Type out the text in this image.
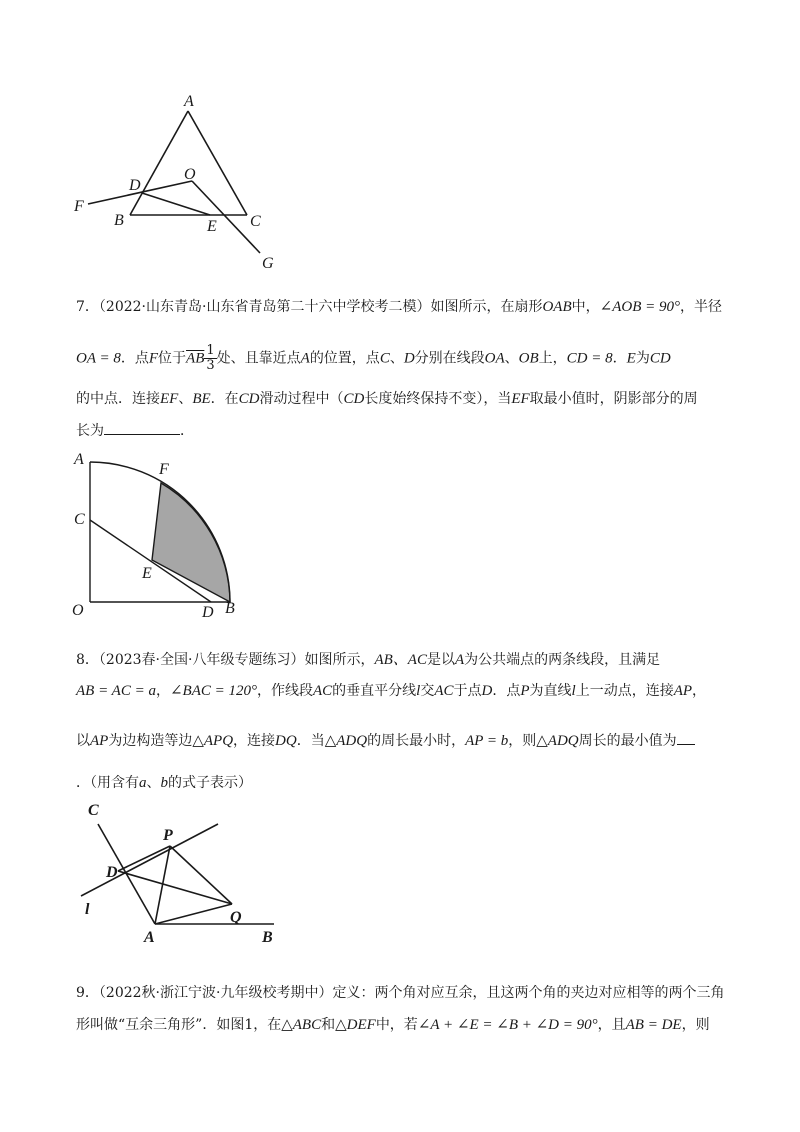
A
O
D
F
B	E C
G
7．（2022·山东青岛·山东省青岛第二十六中学校考二模）如图所示，在扇形OAB中，∠AOB = 90°，半径
OA = 8．点F位于$\overline{AB} \frac{1}{3}$ 处、且靠近点A的位置，点C、D分别在线段OA、OB上，CD = 8．E为CD
的中点．连接EF、BE．在CD滑动过程中（CD长度始终保持不变），当EF取最小值时，阴影部分的周
长为	．
A
F
C
E
O	D B
8．（2023春·全国·八年级专题练习）如图所示，AB、AC是以A为公共端点的两条线段，且满足
AB = AC = a，∠BAC = 120°，作线段AC的垂直平分线l交AC于点D．点P为直线l上一动点，连接AP，
以AP为边构造等边△APQ，连接DQ．当△ADQ的周长最小时，AP = b，则△ADQ周长的最小值为
．（用含有a、b的式子表示）
C
P
D
l	Q
A	B
9．（2022秋·浙江宁波·九年级校考期中）定义：两个角对应互余，且这两个角的夹边对应相等的两个三角
形叫做“互余三角形”．如图1，在△ABC和△DEF中，若∠A + ∠E = ∠B + ∠D = 90°，且AB = DE，则
